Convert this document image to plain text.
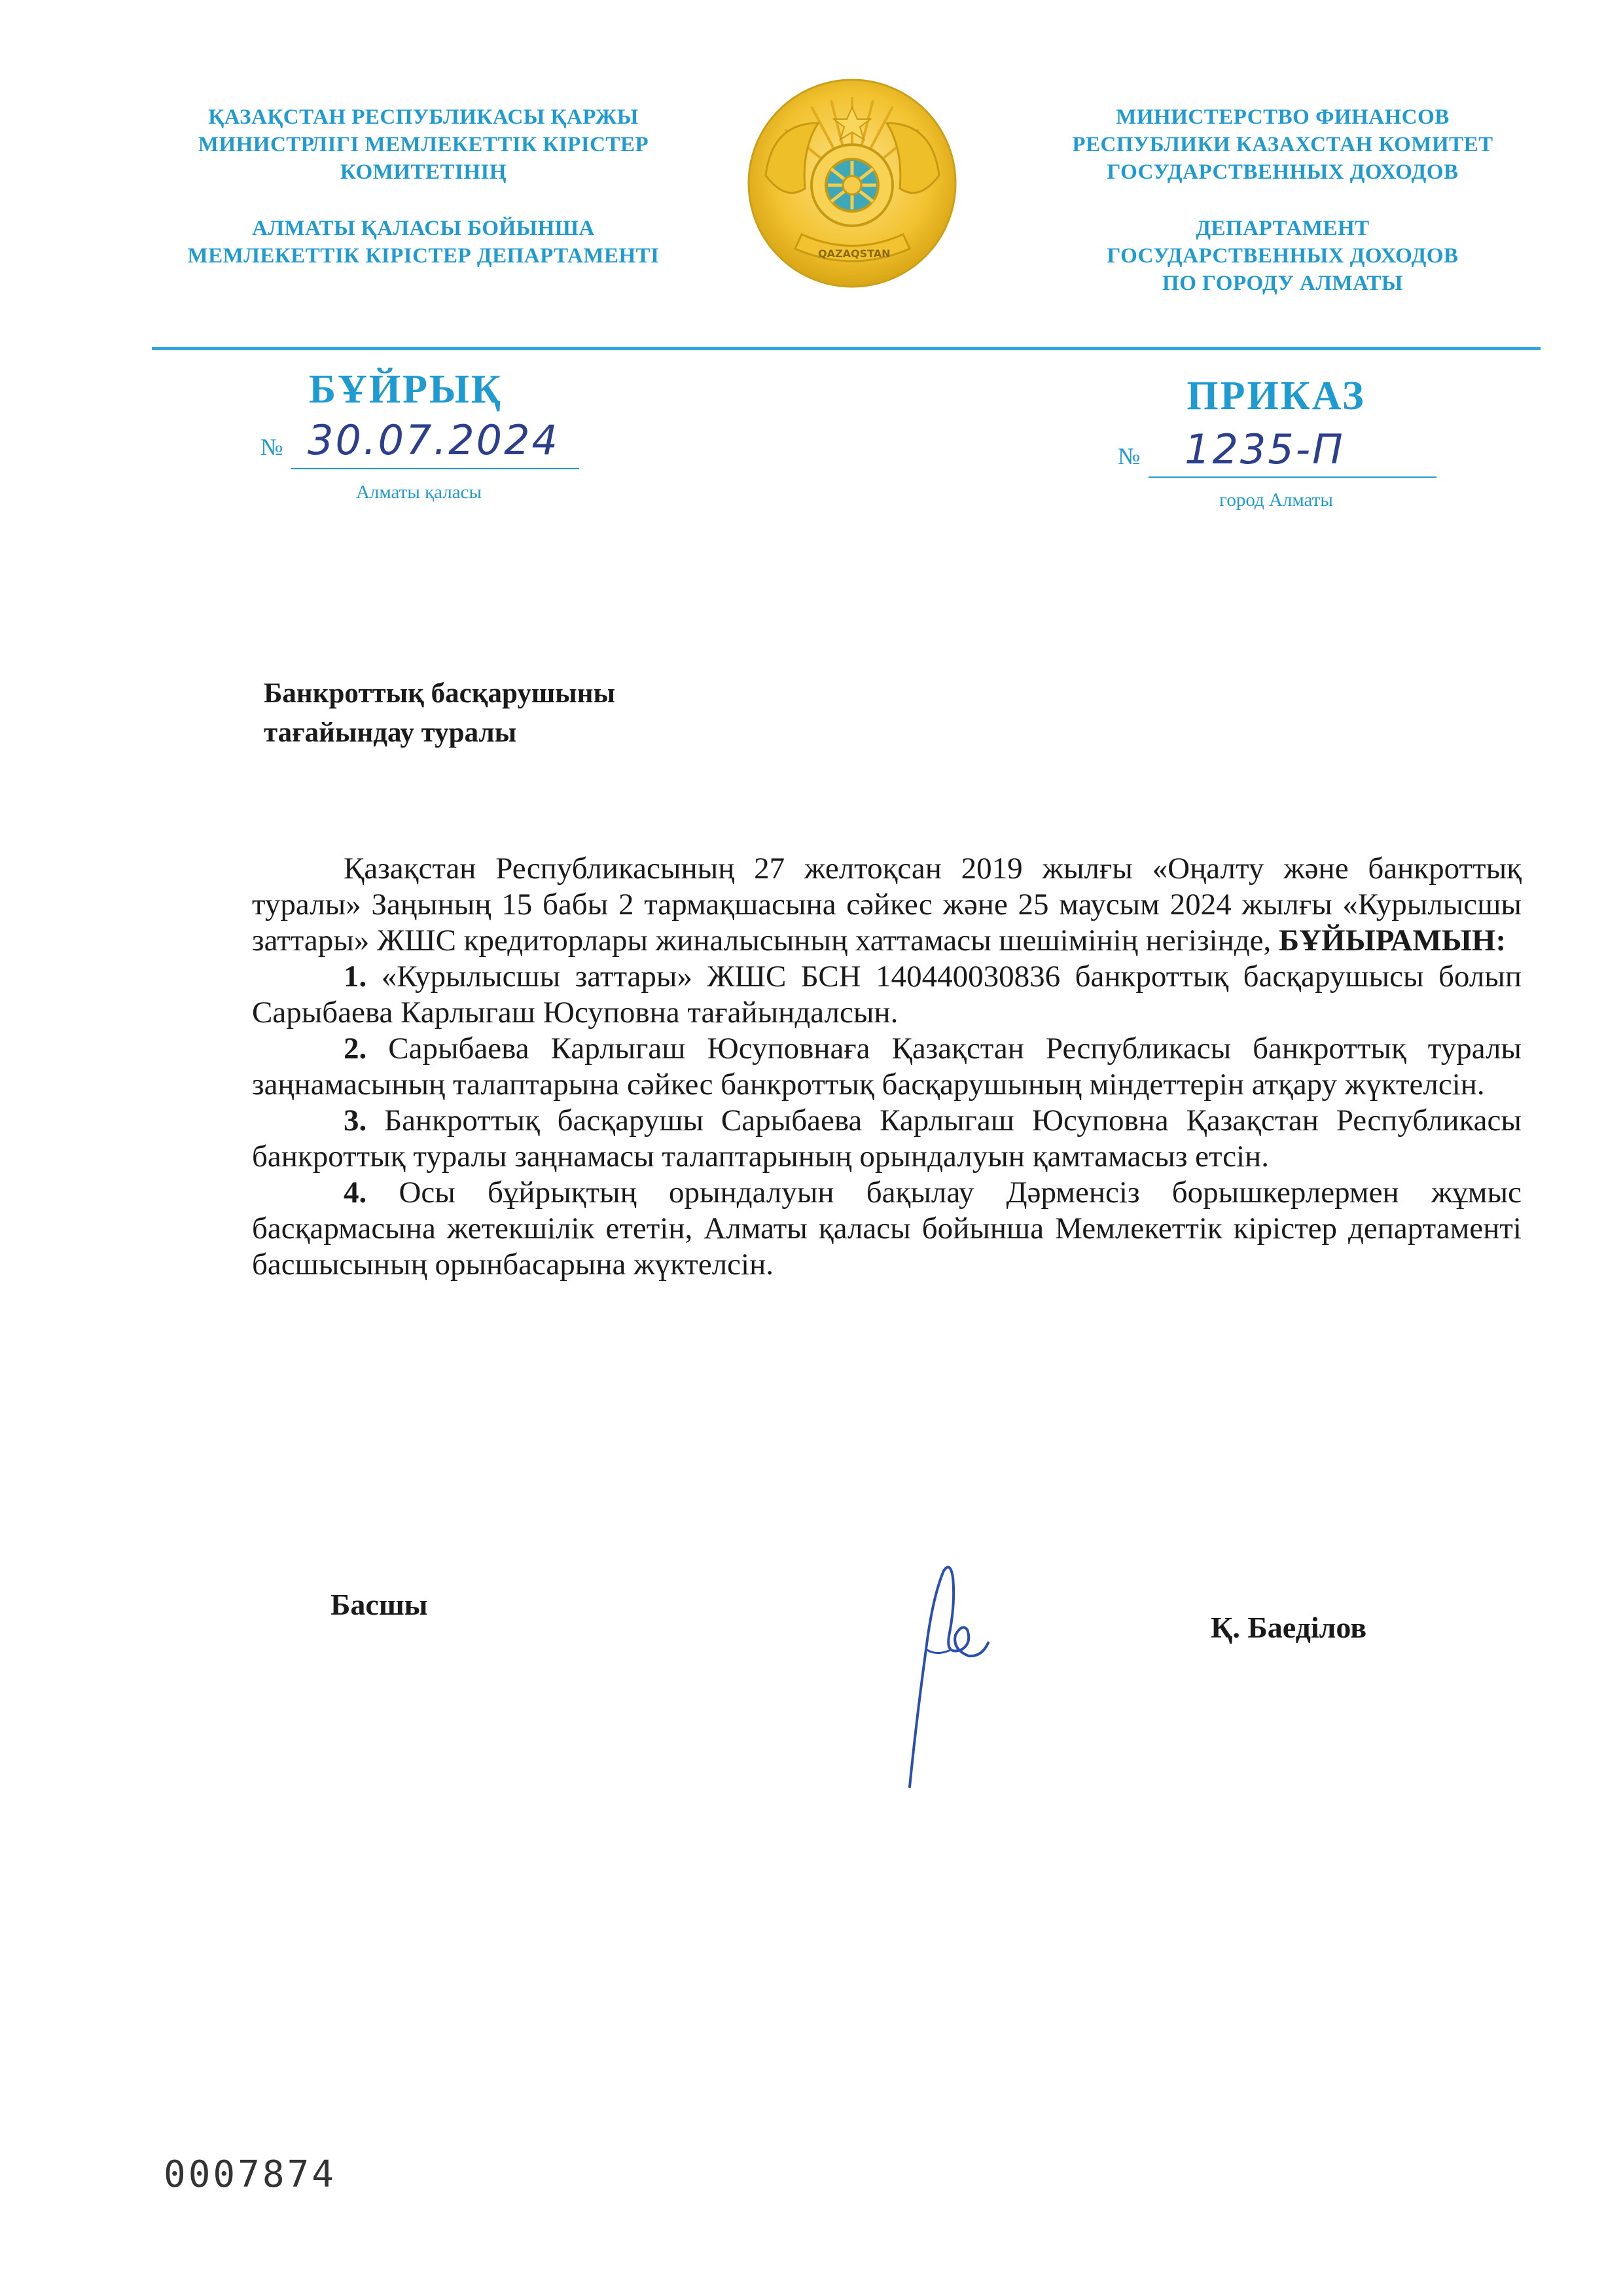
ҚАЗАҚСТАН РЕСПУБЛИКАСЫ ҚАРЖЫ
МИНИСТРЛІГІ МЕМЛЕКЕТТІК КІРІСТЕР
КОМИТЕТІНІҢ
АЛМАТЫ ҚАЛАСЫ БОЙЫНША
МЕМЛЕКЕТТІК КІРІСТЕР ДЕПАРТАМЕНТІ	QAZAQSTAN
МИНИСТЕРСТВО ФИНАНСОВ
РЕСПУБЛИКИ КАЗАХСТАН КОМИТЕТ
ГОСУДАРСТВЕННЫХ ДОХОДОВ
ДЕПАРТАМЕНТ
ГОСУДАРСТВЕННЫХ ДОХОДОВ
ПО ГОРОДУ АЛМАТЫ
БҰЙРЫҚ
№ 30.07.2024
Алматы қаласы
ПРИКАЗ
№ 1235-П
город Алматы
Банкроттық басқарушыны
тағайындау туралы

Қазақстан Республикасының 27 желтоқсан 2019 жылғы «Оңалту және банкроттық туралы» Заңының 15 бабы 2 тармақшасына сәйкес және 25 маусым 2024 жылғы «Курылысшы заттары» ЖШС кредиторлары жиналысының хаттамасы шешімінің негізінде, БҰЙЫРАМЫН:

1. «Курылысшы заттары» ЖШС БСН 140440030836 банкроттық басқарушысы болып Сарыбаева Карлыгаш Юсуповна тағайындалсын.

2. Сарыбаева Карлыгаш Юсуповнаға Қазақстан Республикасы банкроттық туралы заңнамасының талаптарына сәйкес банкроттық басқарушының міндеттерін атқару жүктелсін.

3. Банкроттық басқарушы Сарыбаева Карлыгаш Юсуповна Қазақстан Республикасы банкроттық туралы заңнамасы талаптарының орындалуын қамтамасыз етсін.

4. Осы бұйрықтың орындалуын бақылау Дәрменсіз борышкерлермен жұмыс басқармасына жетекшілік ететін, Алматы қаласы бойынша Мемлекеттік кірістер департаменті басшысының орынбасарына жүктелсін.

Басшы
Қ. Баеділов
0007874
